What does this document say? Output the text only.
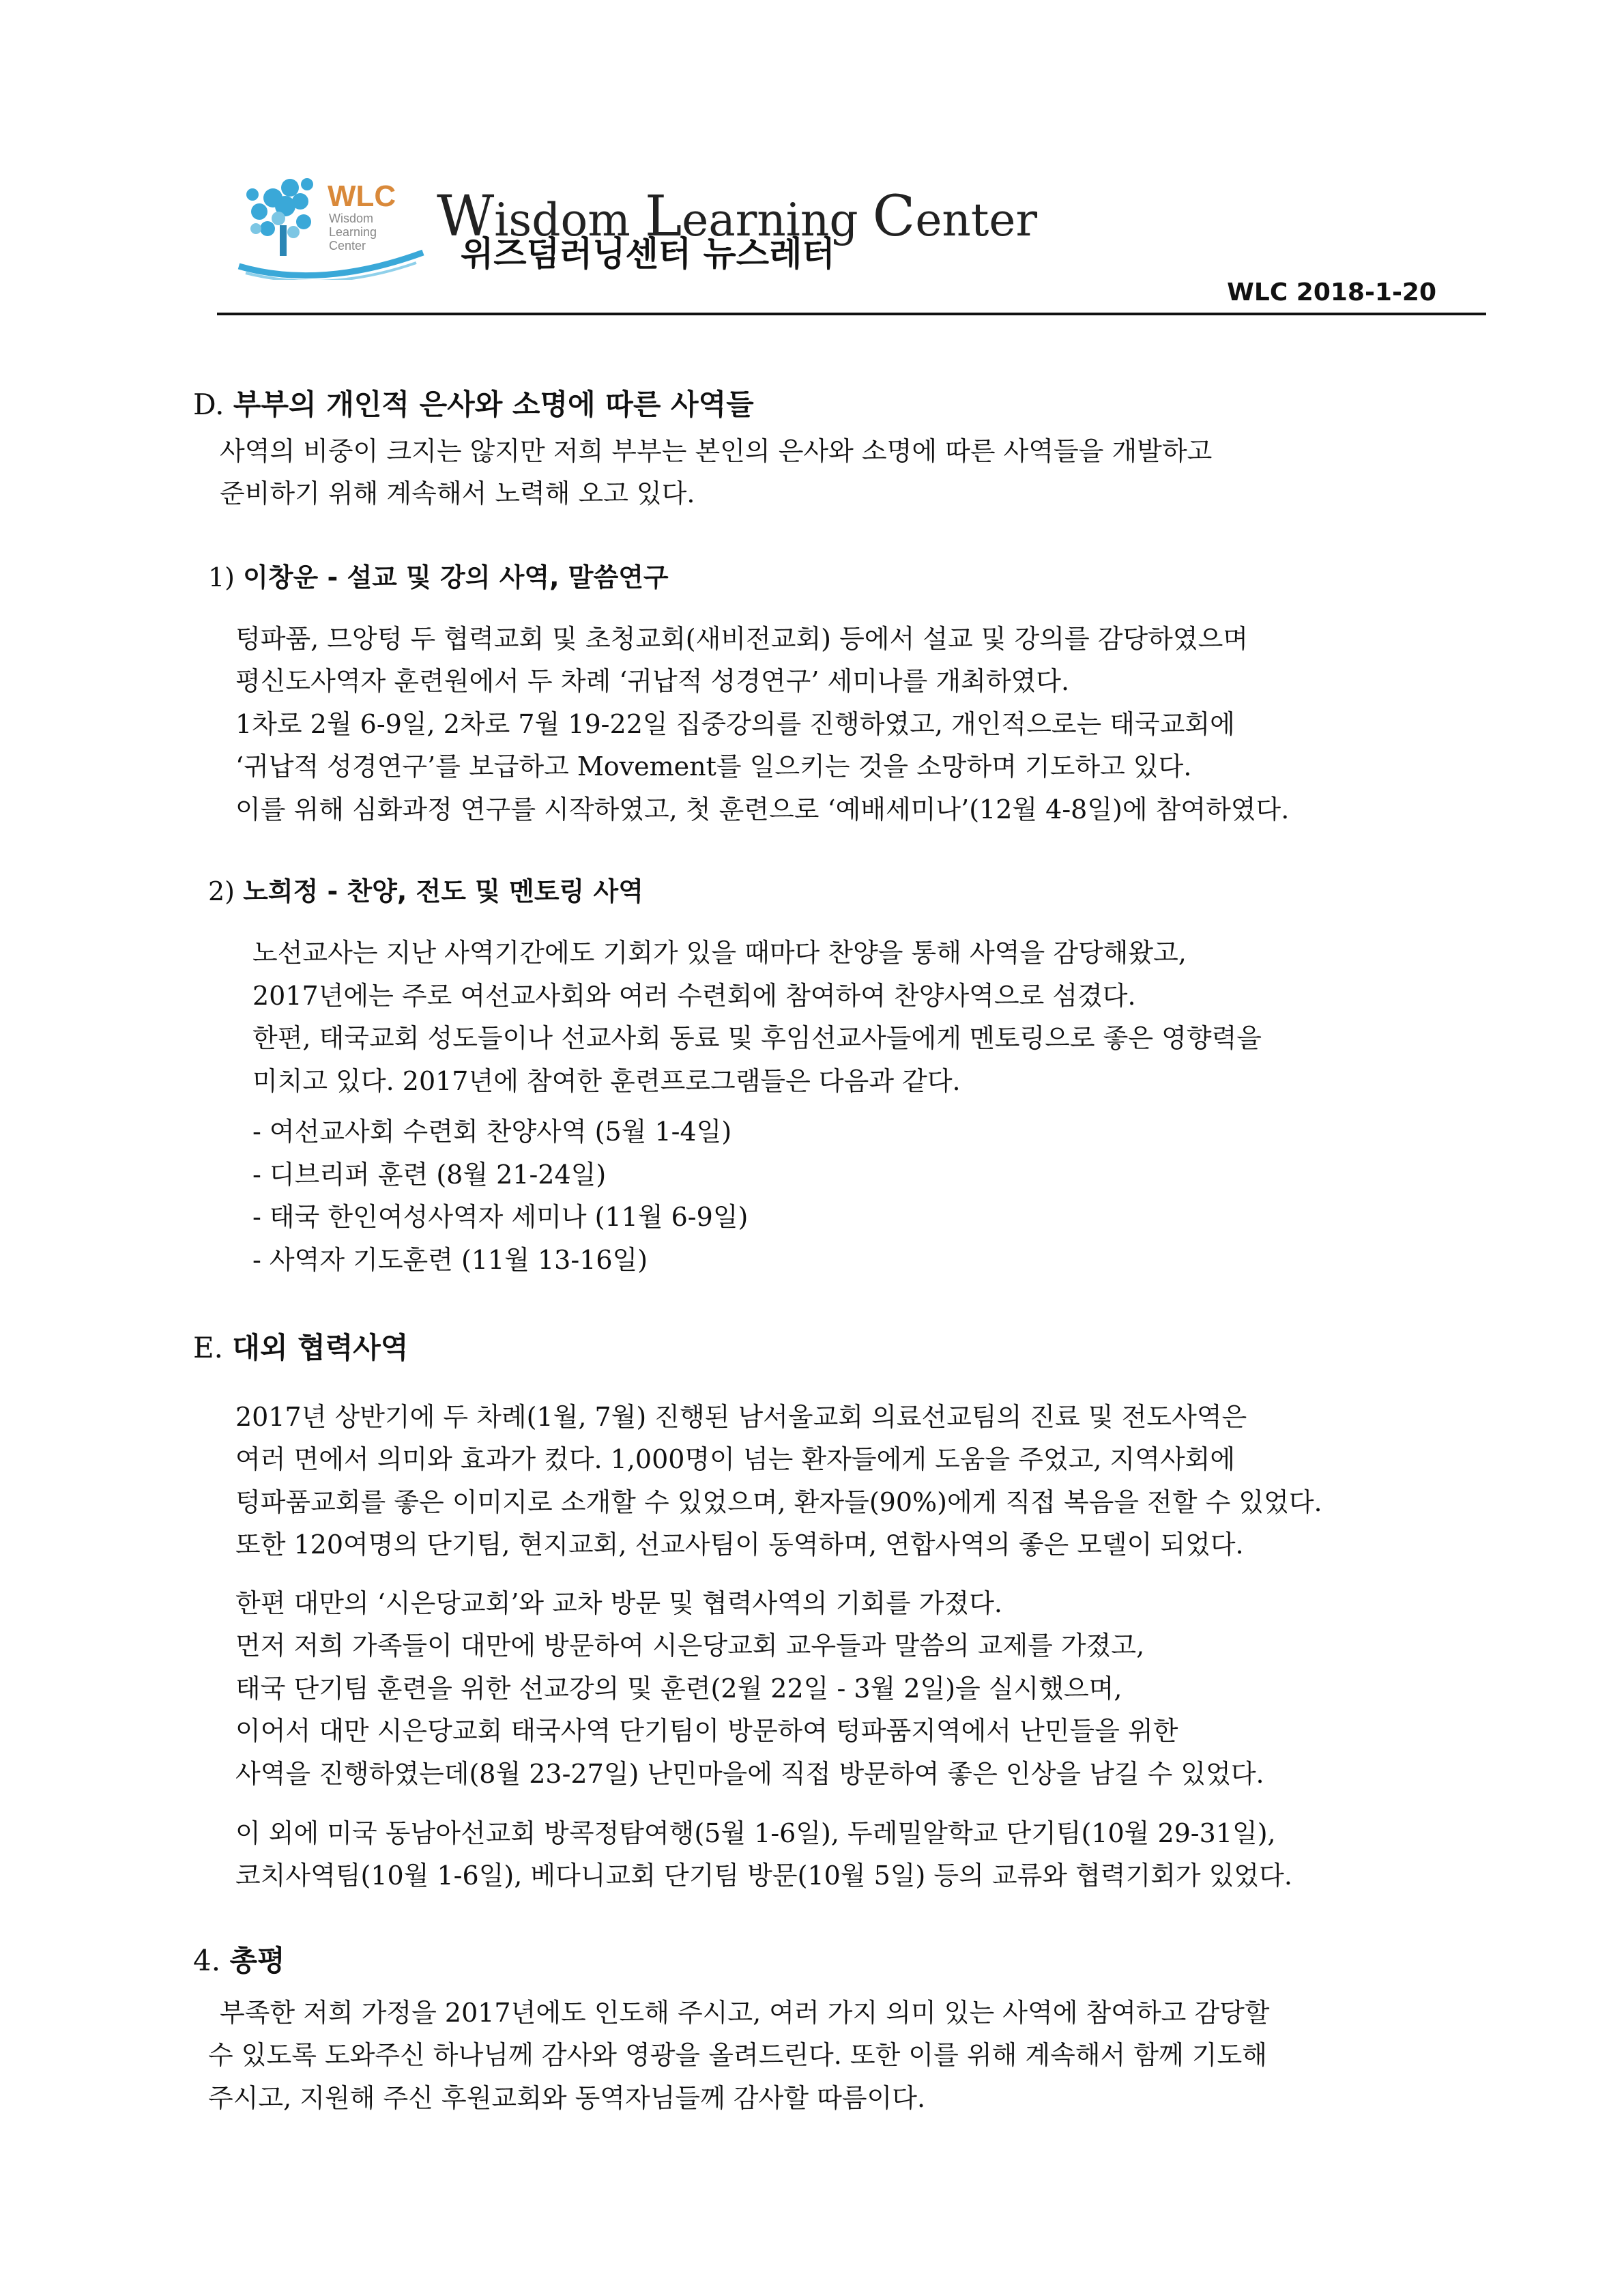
WLC
Wisdom
Learning
Center Wisdom Learning Center
위즈덤러닝센터 뉴스레터
WLC 2018-1-20
D. 부부의 개인적 은사와 소명에 따른 사역들
사역의 비중이 크지는 않지만 저희 부부는 본인의 은사와 소명에 따른 사역들을 개발하고
준비하기 위해 계속해서 노력해 오고 있다.
1) 이창운 - 설교 및 강의 사역, 말씀연구
텅파품, 므앙텅 두 협력교회 및 초청교회(새비전교회) 등에서 설교 및 강의를 감당하였으며
평신도사역자 훈련원에서 두 차례 ‘귀납적 성경연구’ 세미나를 개최하였다.
1차로 2월 6-9일, 2차로 7월 19-22일 집중강의를 진행하였고, 개인적으로는 태국교회에
‘귀납적 성경연구’를 보급하고 Movement를 일으키는 것을 소망하며 기도하고 있다.
이를 위해 심화과정 연구를 시작하였고, 첫 훈련으로 ‘예배세미나’(12월 4-8일)에 참여하였다.
2) 노희정 - 찬양, 전도 및 멘토링 사역
노선교사는 지난 사역기간에도 기회가 있을 때마다 찬양을 통해 사역을 감당해왔고,
2017년에는 주로 여선교사회와 여러 수련회에 참여하여 찬양사역으로 섬겼다.
한편, 태국교회 성도들이나 선교사회 동료 및 후임선교사들에게 멘토링으로 좋은 영향력을
미치고 있다. 2017년에 참여한 훈련프로그램들은 다음과 같다.
- 여선교사회 수련회 찬양사역 (5월 1-4일)
- 디브리퍼 훈련 (8월 21-24일)
- 태국 한인여성사역자 세미나 (11월 6-9일)
- 사역자 기도훈련 (11월 13-16일)
E. 대외 협력사역
2017년 상반기에 두 차례(1월, 7월) 진행된 남서울교회 의료선교팀의 진료 및 전도사역은
여러 면에서 의미와 효과가 컸다. 1,000명이 넘는 환자들에게 도움을 주었고, 지역사회에
텅파품교회를 좋은 이미지로 소개할 수 있었으며, 환자들(90%)에게 직접 복음을 전할 수 있었다.
또한 120여명의 단기팀, 현지교회, 선교사팀이 동역하며, 연합사역의 좋은 모델이 되었다.
한편 대만의 ‘시은당교회’와 교차 방문 및 협력사역의 기회를 가졌다.
먼저 저희 가족들이 대만에 방문하여 시은당교회 교우들과 말씀의 교제를 가졌고,
태국 단기팀 훈련을 위한 선교강의 및 훈련(2월 22일 - 3월 2일)을 실시했으며,
이어서 대만 시은당교회 태국사역 단기팀이 방문하여 텅파품지역에서 난민들을 위한
사역을 진행하였는데(8월 23-27일) 난민마을에 직접 방문하여 좋은 인상을 남길 수 있었다.
이 외에 미국 동남아선교회 방콕정탐여행(5월 1-6일), 두레밀알학교 단기팀(10월 29-31일),
코치사역팀(10월 1-6일), 베다니교회 단기팀 방문(10월 5일) 등의 교류와 협력기회가 있었다.
4. 총평
부족한 저희 가정을 2017년에도 인도해 주시고, 여러 가지 의미 있는 사역에 참여하고 감당할
수 있도록 도와주신 하나님께 감사와 영광을 올려드린다. 또한 이를 위해 계속해서 함께 기도해
주시고, 지원해 주신 후원교회와 동역자님들께 감사할 따름이다.
